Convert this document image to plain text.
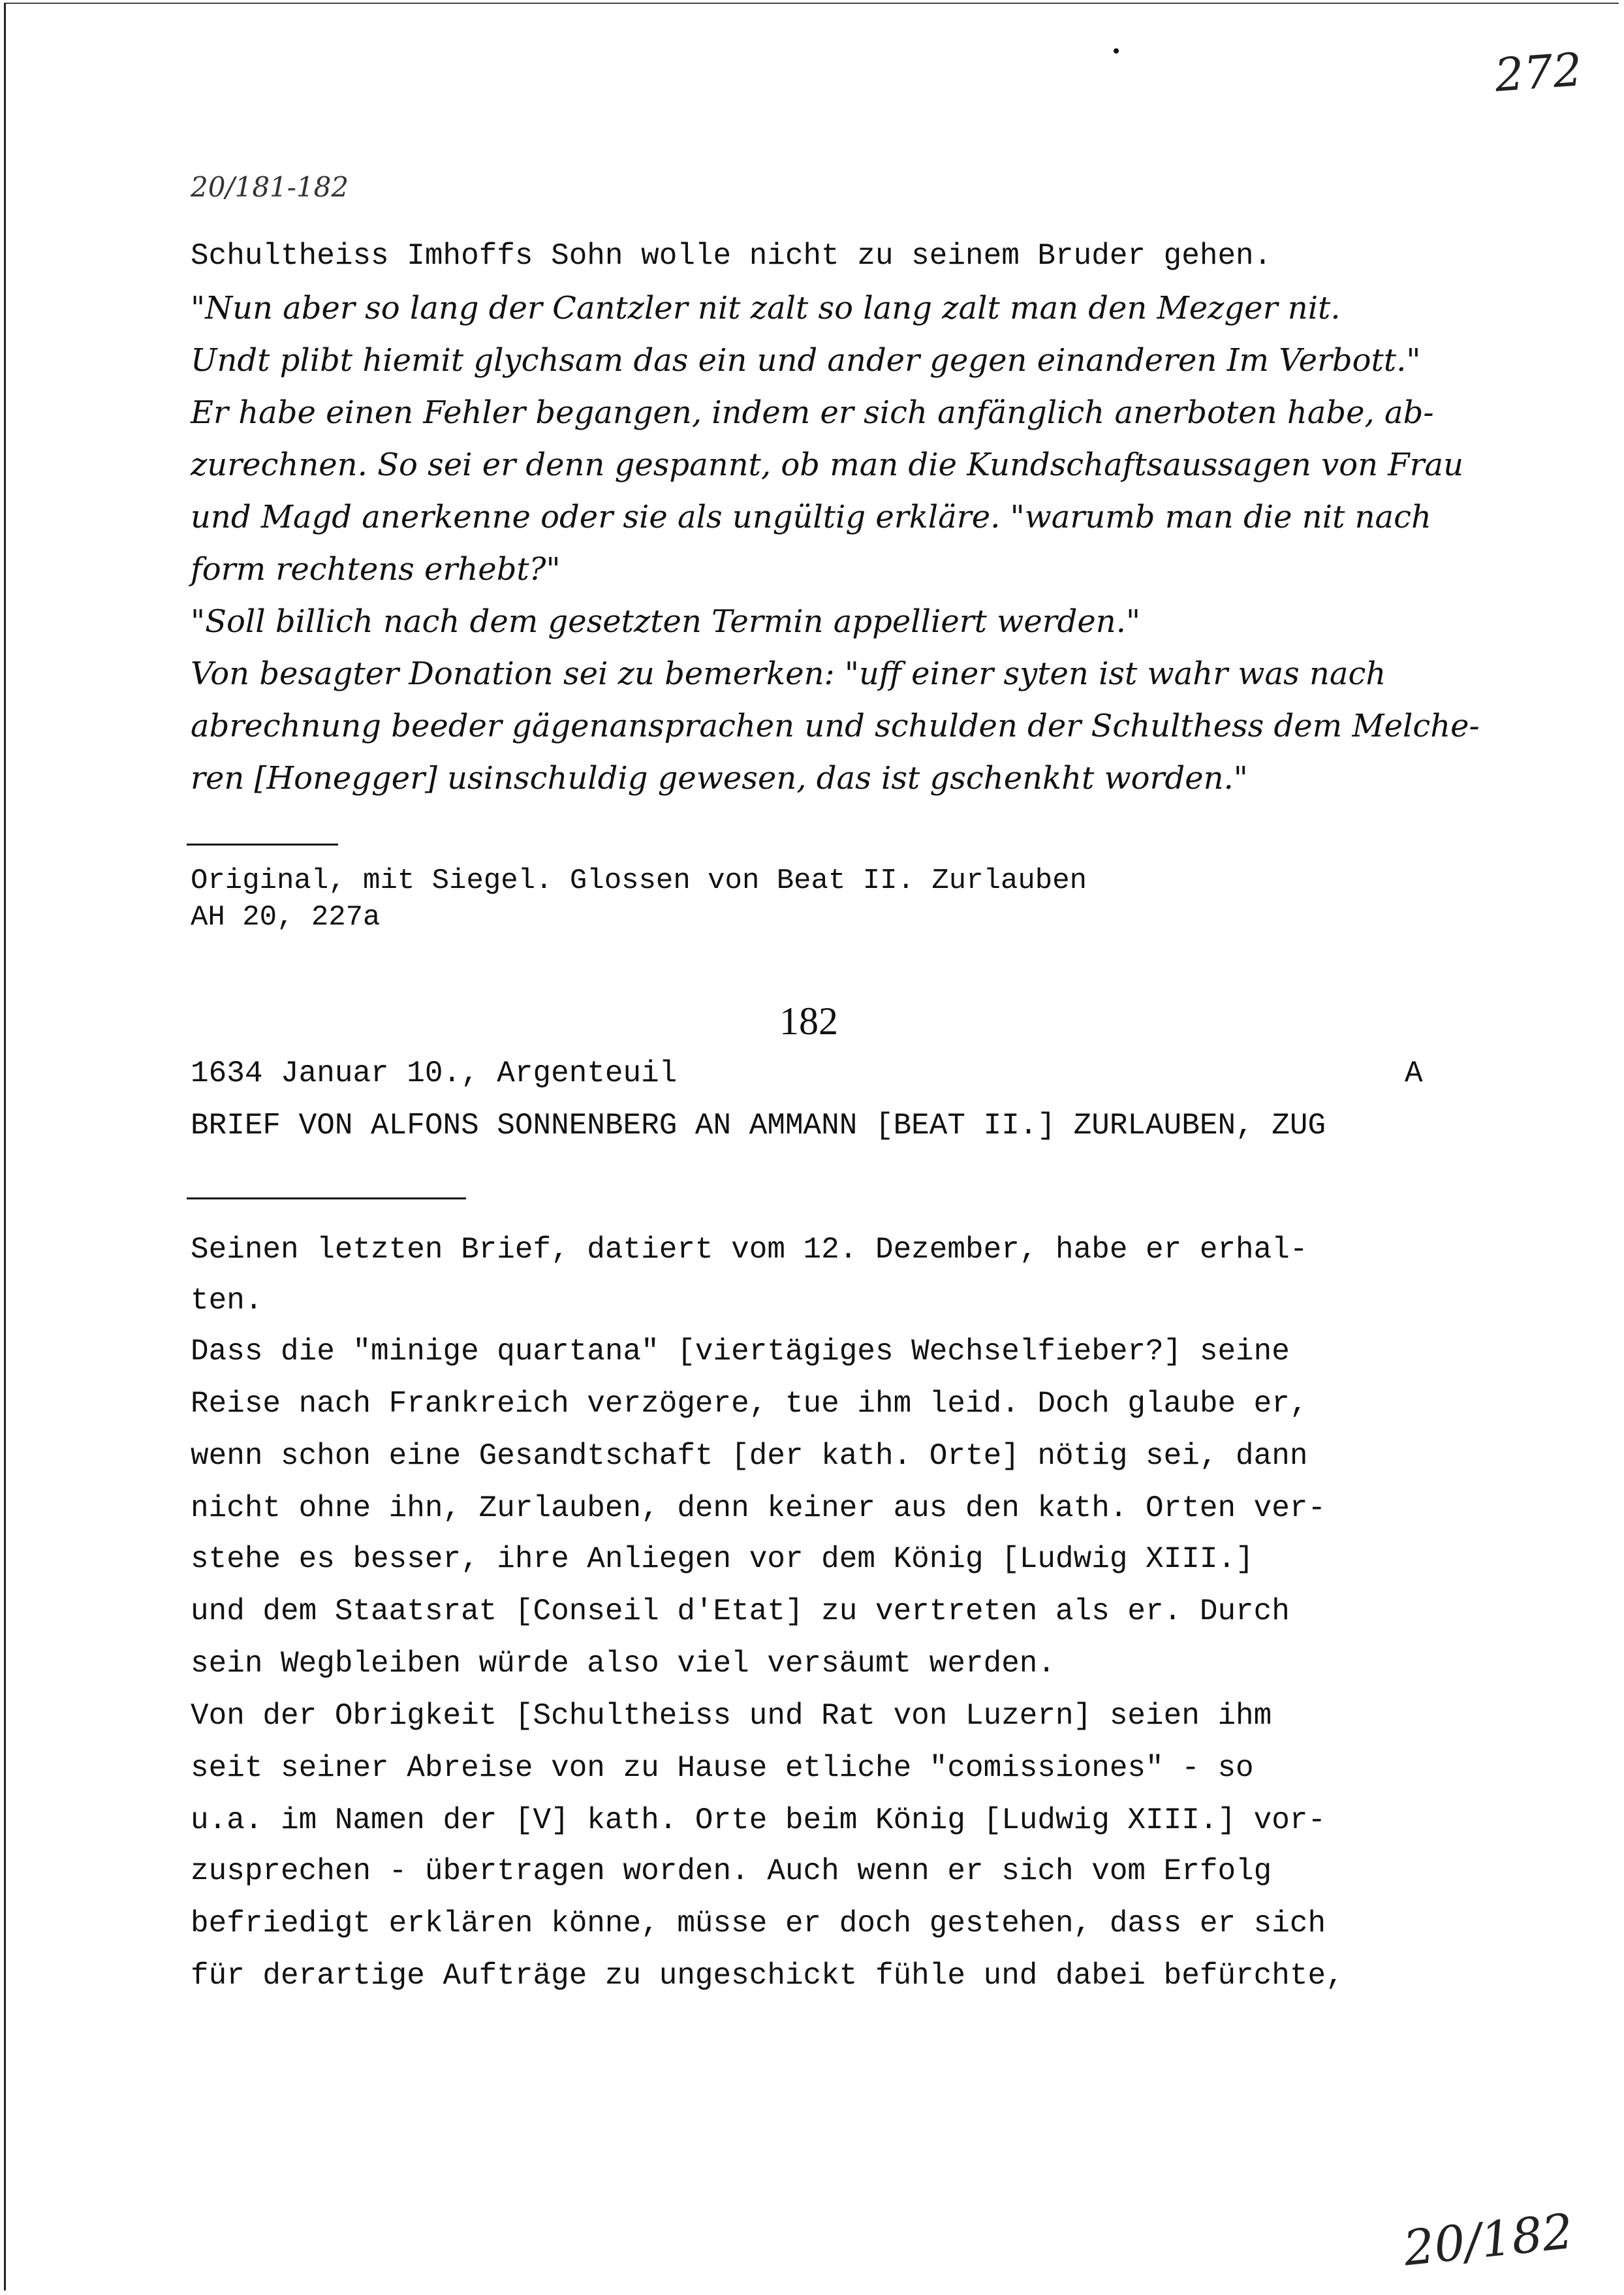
272
20/181-182
Schultheiss Imhoffs Sohn wolle nicht zu seinem Bruder gehen.
"Nun aber so lang der Cantzler nit zalt so lang zalt man den Mezger nit.
Undt plibt hiemit glychsam das ein und ander gegen einanderen Im Verbott."
Er habe einen Fehler begangen, indem er sich anfänglich anerboten habe, ab-
zurechnen. So sei er denn gespannt, ob man die Kundschaftsaussagen von Frau
und Magd anerkenne oder sie als ungültig erkläre. "warumb man die nit nach
form rechtens erhebt?"
"Soll billich nach dem gesetzten Termin appelliert werden."
Von besagter Donation sei zu bemerken: "uff einer syten ist wahr was nach
abrechnung beeder gägenansprachen und schulden der Schulthess dem Melche-
ren [Honegger] usinschuldig gewesen, das ist gschenkht worden."
Original, mit Siegel. Glossen von Beat II. Zurlauben
AH 20, 227a
182
1634 Januar 10., Argenteuil	A
BRIEF VON ALFONS SONNENBERG AN AMMANN [BEAT II.] ZURLAUBEN, ZUG
Seinen letzten Brief, datiert vom 12. Dezember, habe er erhal-
ten.
Dass die "minige quartana" [viertägiges Wechselfieber?] seine
Reise nach Frankreich verzögere, tue ihm leid. Doch glaube er,
wenn schon eine Gesandtschaft [der kath. Orte] nötig sei, dann
nicht ohne ihn, Zurlauben, denn keiner aus den kath. Orten ver-
stehe es besser, ihre Anliegen vor dem König [Ludwig XIII.]
und dem Staatsrat [Conseil d'Etat] zu vertreten als er. Durch
sein Wegbleiben würde also viel versäumt werden.
Von der Obrigkeit [Schultheiss und Rat von Luzern] seien ihm
seit seiner Abreise von zu Hause etliche "comissiones" - so
u.a. im Namen der [V] kath. Orte beim König [Ludwig XIII.] vor-
zusprechen - übertragen worden. Auch wenn er sich vom Erfolg
befriedigt erklären könne, müsse er doch gestehen, dass er sich
für derartige Aufträge zu ungeschickt fühle und dabei befürchte,
20/182
